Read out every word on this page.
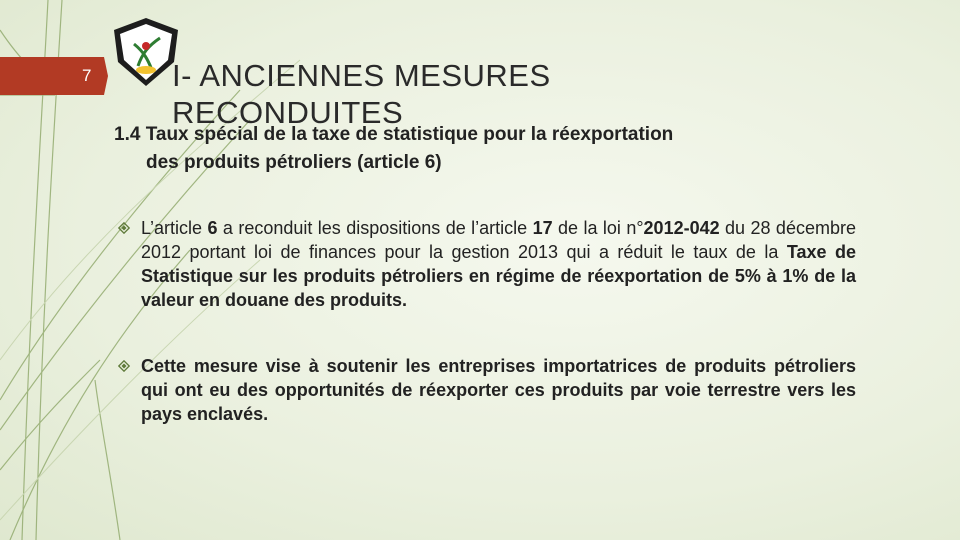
7	I- ANCIENNES MESURES RECONDUITES

1.4 Taux spécial de la taxe de statistique pour la réexportation
des produits pétroliers (article 6)

L’article 6 a reconduit les dispositions de l’article 17 de la loi n°2012-042 du 28 décembre 2012 portant loi de finances pour la gestion 2013 qui a réduit le taux de la Taxe de Statistique sur les produits pétroliers en régime de réexportation de 5% à 1% de la valeur en douane des produits.
Cette mesure vise à soutenir les entreprises importatrices de produits pétroliers qui ont eu des opportunités de réexporter ces produits par voie terrestre vers les pays enclavés.
